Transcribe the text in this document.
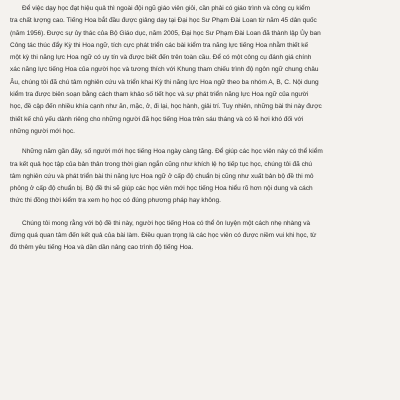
Để việc dạy học đạt hiệu quả thì ngoài đội ngũ giáo viên giỏi, cần phải có giáo trình và công cụ kiểm
tra chất lượng cao. Tiếng Hoa bắt đầu được giảng dạy tại Đại học Sư Phạm Đài Loan từ năm 45 dân quốc
(năm 1956). Được sự ủy thác của Bộ Giáo dục, năm 2005, Đại học Sư Phạm Đài Loan đã thành lập Ủy ban
Công tác thúc đẩy Kỳ thi Hoa ngữ, tích cực phát triển các bài kiểm tra năng lực tiếng Hoa nhằm thiết kế
một kỳ thi năng lực Hoa ngữ có uy tín và được biết đến trên toàn cầu. Để có một công cụ đánh giá chính
xác năng lực tiếng Hoa của người học và tương thích với Khung tham chiếu trình độ ngôn ngữ chung châu
Âu, chúng tôi đã chú tâm nghiên cứu và triển khai Kỳ thi năng lực Hoa ngữ theo ba nhóm A, B, C. Nội dung
kiểm tra được biên soạn bằng cách tham khảo số tiết học và sự phát triển năng lực Hoa ngữ của người
học, đề cập đến nhiều khía cạnh như ăn, mặc, ở, đi lại, học hành, giải trí. Tuy nhiên, những bài thi này được
thiết kế chủ yếu dành riêng cho những người đã học tiếng Hoa trên sáu tháng và có lẽ hơi khó đối với
những người mới học.

Những năm gần đây, số người mới học tiếng Hoa ngày càng tăng. Để giúp các học viên này có thể kiểm
tra kết quả học tập của bản thân trong thời gian ngắn cũng như khích lệ họ tiếp tục học, chúng tôi đã chú
tâm nghiên cứu và phát triển bài thi năng lực Hoa ngữ ở cấp độ chuẩn bị cũng như xuất bản bộ đề thi mô
phỏng ở cấp độ chuẩn bị. Bộ đề thi sẽ giúp các học viên mới học tiếng Hoa hiểu rõ hơn nội dung và cách
thức thi đồng thời kiểm tra xem họ học có đúng phương pháp hay không.

Chúng tôi mong rằng với bộ đề thi này, người học tiếng Hoa có thể ôn luyện một cách nhẹ nhàng và
đừng quá quan tâm đến kết quả của bài làm. Điều quan trọng là các học viên có được niềm vui khi học, từ
đó thêm yêu tiếng Hoa và dần dần nâng cao trình độ tiếng Hoa.
